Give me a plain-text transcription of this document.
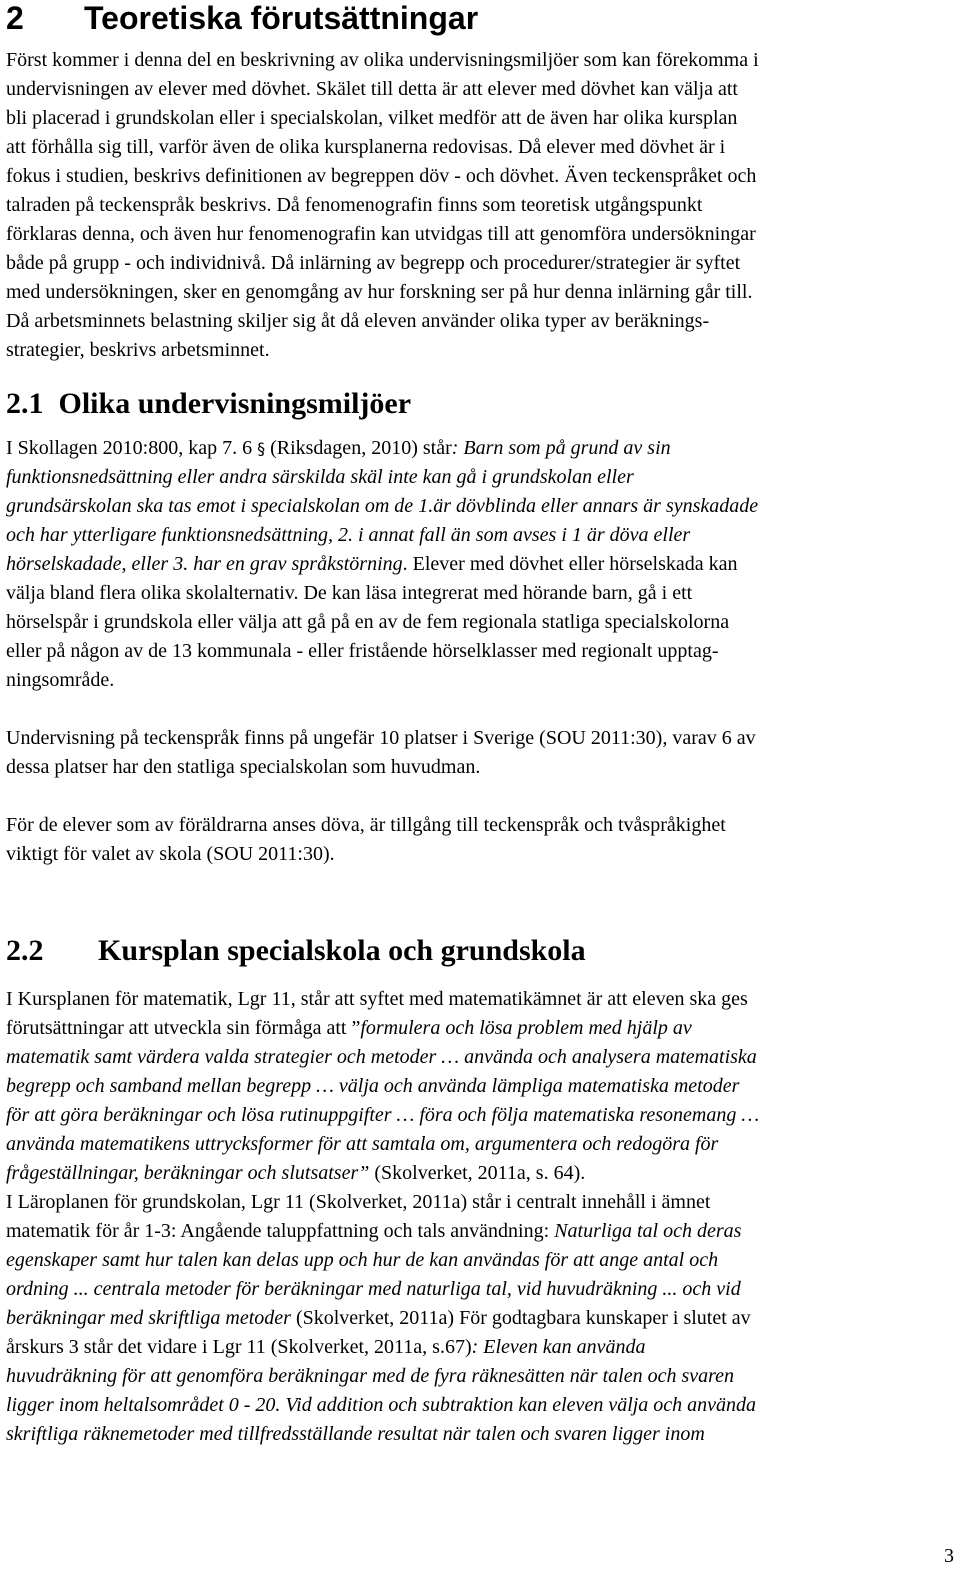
2 Teoretiska förutsättningar

Först kommer i denna del en beskrivning av olika undervisningsmiljöer som kan förekomma i

undervisningen av elever med dövhet. Skälet till detta är att elever med dövhet kan välja att

bli placerad i grundskolan eller i specialskolan, vilket medför att de även har olika kursplan

att förhålla sig till, varför även de olika kursplanerna redovisas. Då elever med dövhet är i

fokus i studien, beskrivs definitionen av begreppen döv - och dövhet. Även teckenspråket och

talraden på teckenspråk beskrivs. Då fenomenografin finns som teoretisk utgångspunkt

förklaras denna, och även hur fenomenografin kan utvidgas till att genomföra undersökningar

både på grupp - och individnivå. Då inlärning av begrepp och procedurer/strategier är syftet

med undersökningen, sker en genomgång av hur forskning ser på hur denna inlärning går till.

Då arbetsminnets belastning skiljer sig åt då eleven använder olika typer av beräknings-

strategier, beskrivs arbetsminnet.

2.1 Olika undervisningsmiljöer

I Skollagen 2010:800, kap 7. 6 § (Riksdagen, 2010) står: Barn som på grund av sin

funktionsnedsättning eller andra särskilda skäl inte kan gå i grundskolan eller

grundsärskolan ska tas emot i specialskolan om de 1.är dövblinda eller annars är synskadade

och har ytterligare funktionsnedsättning, 2. i annat fall än som avses i 1 är döva eller

hörselskadade, eller 3. har en grav språkstörning. Elever med dövhet eller hörselskada kan

välja bland flera olika skolalternativ. De kan läsa integrerat med hörande barn, gå i ett

hörselspår i grundskola eller välja att gå på en av de fem regionala statliga specialskolorna

eller på någon av de 13 kommunala - eller fristående hörselklasser med regionalt upptag-

ningsområde.

Undervisning på teckenspråk finns på ungefär 10 platser i Sverige (SOU 2011:30), varav 6 av

dessa platser har den statliga specialskolan som huvudman.

För de elever som av föräldrarna anses döva, är tillgång till teckenspråk och tvåspråkighet

viktigt för valet av skola (SOU 2011:30).

2.2 Kursplan specialskola och grundskola

I Kursplanen för matematik, Lgr 11, står att syftet med matematikämnet är att eleven ska ges

förutsättningar att utveckla sin förmåga att ”formulera och lösa problem med hjälp av

matematik samt värdera valda strategier och metoder … använda och analysera matematiska

begrepp och samband mellan begrepp … välja och använda lämpliga matematiska metoder

för att göra beräkningar och lösa rutinuppgifter … föra och följa matematiska resonemang …

använda matematikens uttrycksformer för att samtala om, argumentera och redogöra för

frågeställningar, beräkningar och slutsatser” (Skolverket, 2011a, s. 64).

I Läroplanen för grundskolan, Lgr 11 (Skolverket, 2011a) står i centralt innehåll i ämnet

matematik för år 1-3: Angående taluppfattning och tals användning: Naturliga tal och deras

egenskaper samt hur talen kan delas upp och hur de kan användas för att ange antal och

ordning ... centrala metoder för beräkningar med naturliga tal, vid huvudräkning ... och vid

beräkningar med skriftliga metoder (Skolverket, 2011a) För godtagbara kunskaper i slutet av

årskurs 3 står det vidare i Lgr 11 (Skolverket, 2011a, s.67): Eleven kan använda

huvudräkning för att genomföra beräkningar med de fyra räknesätten när talen och svaren

ligger inom heltalsområdet 0 - 20. Vid addition och subtraktion kan eleven välja och använda

skriftliga räknemetoder med tillfredsställande resultat när talen och svaren ligger inom

3
